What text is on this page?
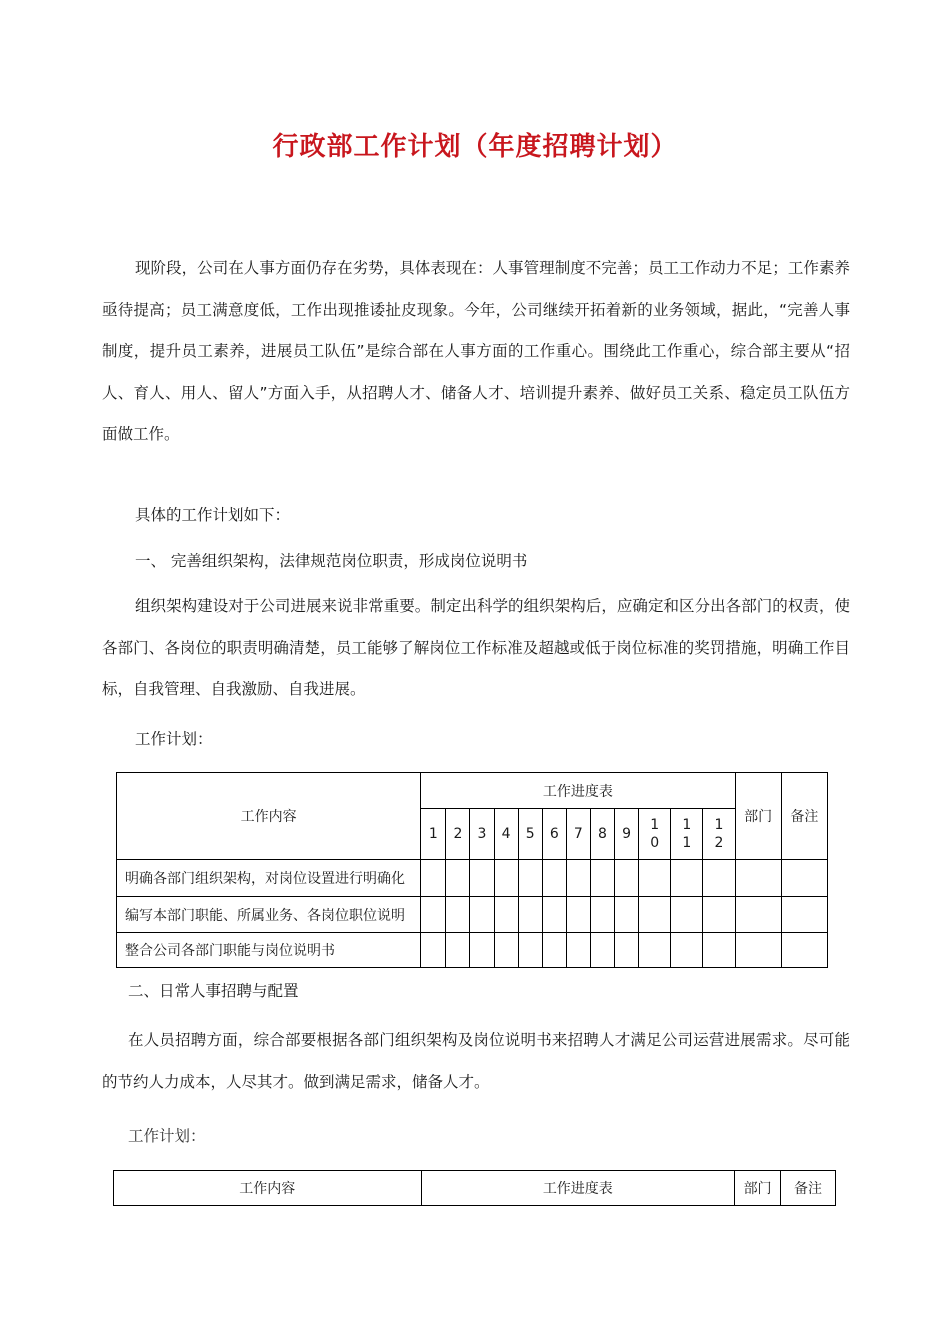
行政部工作计划（年度招聘计划）

现阶段，公司在人事方面仍存在劣势，具体表现在：人事管理制度不完善；员工工作动力不足；工作素养亟待提高；员工满意度低，工作出现推诿扯皮现象。今年，公司继续开拓着新的业务领域，据此，“完善人事制度，提升员工素养，进展员工队伍”是综合部在人事方面的工作重心。围绕此工作重心，综合部主要从“招人、育人、用人、留人”方面入手，从招聘人才、储备人才、培训提升素养、做好员工关系、稳定员工队伍方面做工作。

具体的工作计划如下：
一、 完善组织架构，法律规范岗位职责，形成岗位说明书

组织架构建设对于公司进展来说非常重要。制定出科学的组织架构后，应确定和区分出各部门的权责，使各部门、各岗位的职责明确清楚，员工能够了解岗位工作标准及超越或低于岗位标准的奖罚措施，明确工作目标，自我管理、自我激励、自我进展。

工作计划：
工作内容	工作进度表												部门	备注
	1	2	3	4	5	6	7	8	9	10	11	12		
明确各部门组织架构，对岗位设置进行明确化														
编写本部门职能、所属业务、各岗位职位说明														
整合公司各部门职能与岗位说明书														
二、日常人事招聘与配置

在人员招聘方面，综合部要根据各部门组织架构及岗位说明书来招聘人才满足公司运营进展需求。尽可能的节约人力成本，人尽其才。做到满足需求，储备人才。

工作计划：
工作内容	工作进度表	部门	备注
